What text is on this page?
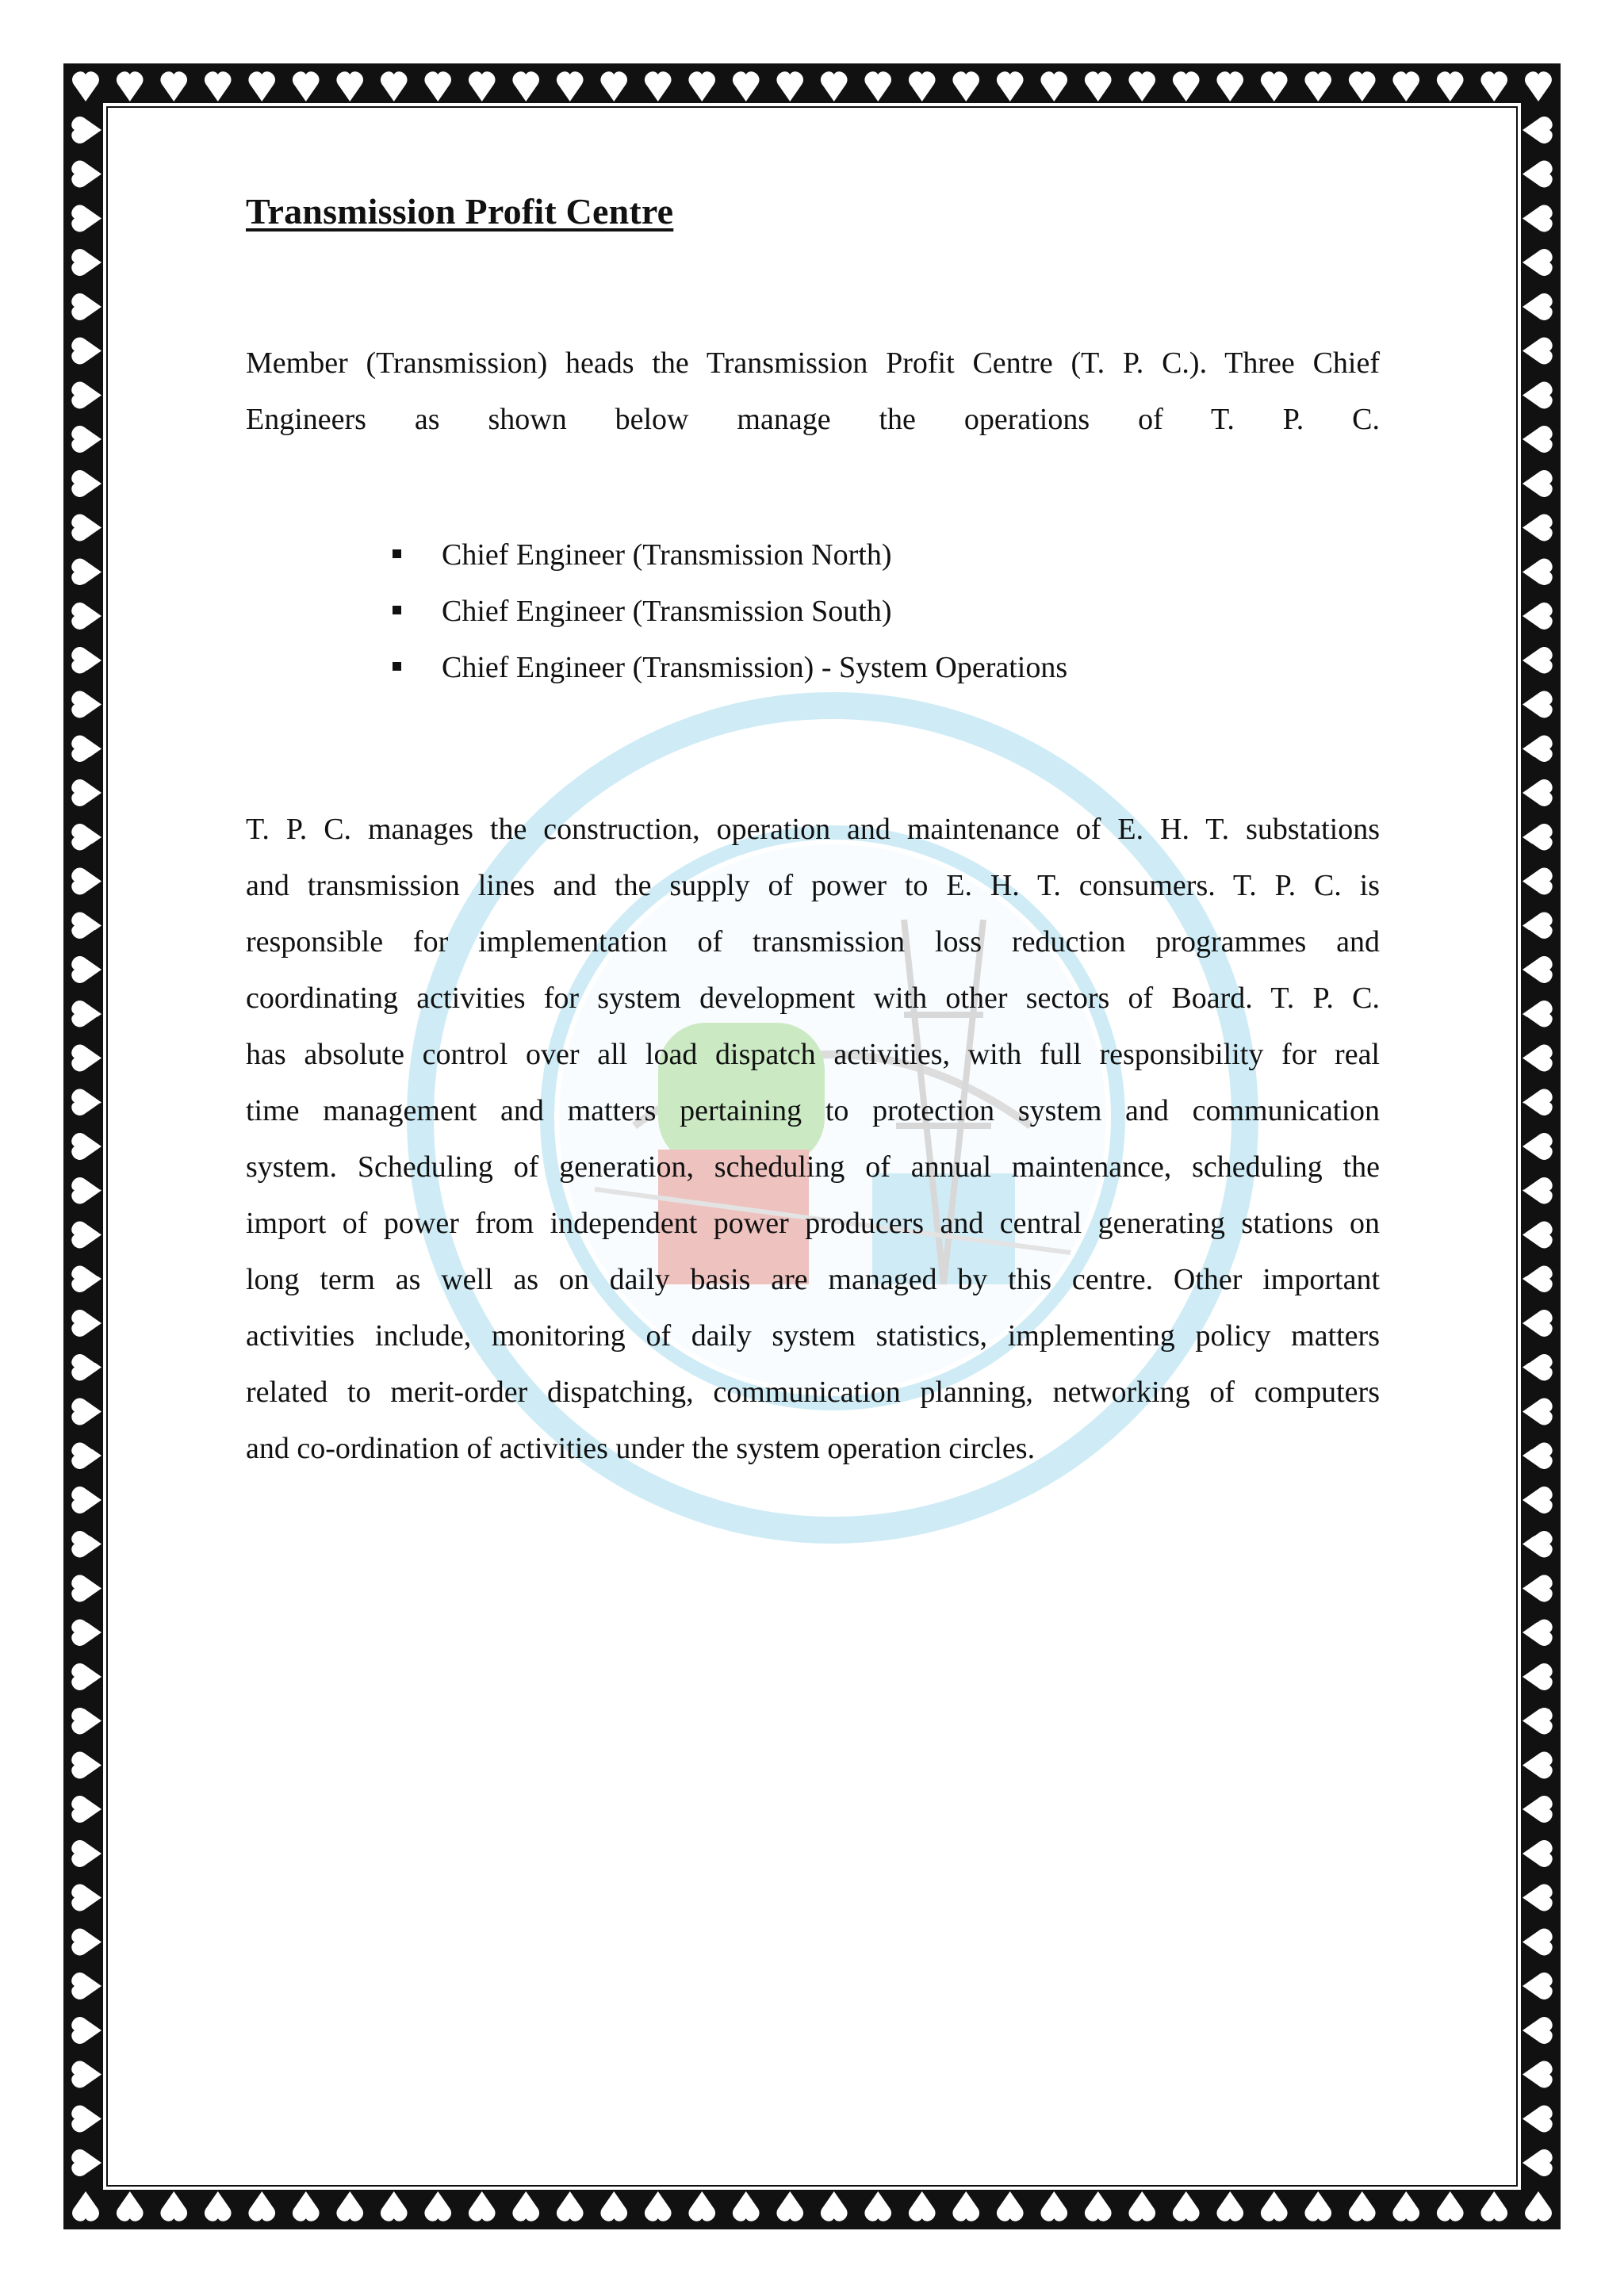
Transmission Profit Centre

Member (Transmission) heads the Transmission Profit Centre (T. P. C.). Three Chief

Engineers as shown below manage the operations of T. P. C.

Chief Engineer (Transmission North)
Chief Engineer (Transmission South)
Chief Engineer (Transmission) - System Operations

T. P. C. manages the construction, operation and maintenance of E. H. T. substations

and transmission lines and the supply of power to E. H. T. consumers. T. P. C. is

responsible for implementation of transmission loss reduction programmes and

coordinating activities for system development with other sectors of Board. T. P. C.

has absolute control over all load dispatch activities, with full responsibility for real

time management and matters pertaining to protection system and communication

system. Scheduling of generation, scheduling of annual maintenance, scheduling the

import of power from independent power producers and central generating stations on

long term as well as on daily basis are managed by this centre. Other important

activities include, monitoring of daily system statistics, implementing policy matters

related to merit-order dispatching, communication planning, networking of computers

and co-ordination of activities under the system operation circles.
